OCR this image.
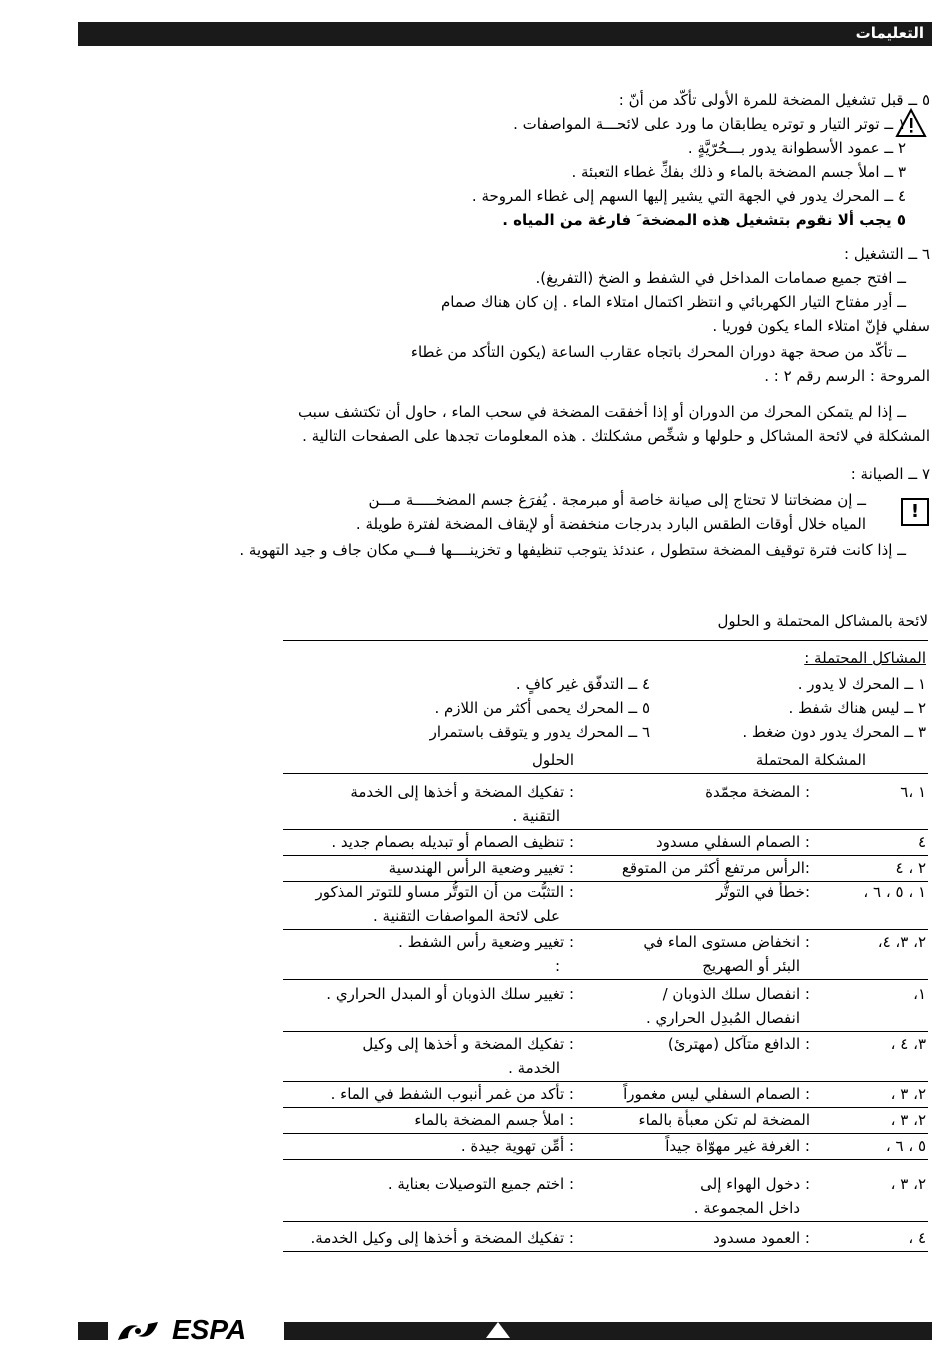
التعليمات
٥ ــ قبل تشغيل المضخة للمرة الأولى تأكّد من أنّ :
١ ــ توتر التيار و توتره يطابقان ما ورد على لائحـــة المواصفات .
٢ ــ عمود الأسطوانة يدور بـــحُرّيَّةٍ .
٣ ــ املأ جسم المضخة بالماء و ذلك بفكِّ غطاء التعبئة .
٤ ــ المحرك يدور في الجهة التي يشير إليها السهم إلى غطاء المروحة .
٥ يجب ألا نقوم بتشغيل هذه المضخة َ فارغة من المياه .
٦ ــ التشغيل :
ــ افتح جميع صمامات المداخل في الشفط و الضخ (التفريغ).
ــ أدِر مفتاح التيار الكهربائي و انتظر اكتمال امتلاء الماء . إن كان هناك صمام
سفلي فإنّ امتلاء الماء يكون فوريا .
ــ تأكّد من صحة جهة دوران المحرك باتجاه عقارب الساعة (يكون التأكد من غطاء
المروحة : الرسم رقم ٢ : .
ــ إذا لم يتمكن المحرك من الدوران أو إذا أخفقت المضخة في سحب الماء ، حاول أن تكتشف سبب
المشكلة في لائحة المشاكل و حلولها و شخِّص مشكلتك . هذه المعلومات تجدها على الصفحات التالية .
٧ ــ الصيانة :
ــ إن مضخاتنا لا تحتاج إلى صيانة خاصة أو مبرمجة . يُفرَغ جسم المضخـــــة مـــن
المياه خلال أوقات الطقس البارد بدرجات منخفضة أو لإيقاف المضخة لفترة طويلة .
ــ إذا كانت فترة توقيف المضخة ستطول ، عندئذ يتوجب تنظيفها و تخزينــــها فـــي مكان جاف و جيد التهوية .
!
لائحة بالمشاكل المحتملة و الحلول
المشاكل المحتملة :
١ ــ المحرك لا يدور .
٢ ــ ليس هناك شفط .
٣ ــ المحرك يدور دون ضغط .
٤ ــ التدفّق غير كافٍ .
٥ ــ المحرك يحمى أكثر من اللازم .
٦ ــ المحرك يدور و يتوقف باستمرار
المشكلة المحتملة
الحلول
١ ،٦
: المضخة مجمّدة
: تفكيك المضخة و أخذها إلى الخدمة
التقنية .
٤
: الصمام السفلي مسدود
: تنظيف الصمام أو تبديله بصمام جديد .
٢ ، ٤
:الرأس مرتفع أكثر من المتوقع
: تغيير وضعية الرأس الهندسية
١ ، ٥ ، ٦ ،
:خطأ في التوتُّر
: التثبُّت من أن التوتُّر مساو للتوتر المذكور
على لائحة المواصفات التقنية .
٢، ٣، ٤،
: انخفاض مستوى الماء في
البئر أو الصهريج
: تغيير وضعية رأس الشفط .
:
١،
: انفصال سلك الذوبان /
انفصال المُبدِل الحراري .
: تغيير سلك الذوبان أو المبدل الحراري .
٣، ٤ ،
: الدافع متآكل (مهترئ)
: تفكيك المضخة و أخذها إلى وكيل
الخدمة .
٢، ٣ ،
: الصمام السفلي ليس مغموراً
: تأكد من غمر أنبوب الشفط في الماء .
٢، ٣ ،
المضخة لم تكن معبأة بالماء
: املأ جسم المضخة بالماء
٥ ، ٦ ،
: الغرفة غير مهوّاة جيداً
: أمِّن تهوية جيدة .
٢، ٣ ،
: دخول الهواء إلى
داخل المجموعة .
: اختم جميع التوصيلات بعناية .
٤ ،
: العمود مسدود
: تفكيك المضخة و أخذها إلى وكيل الخدمة.
ESPA
